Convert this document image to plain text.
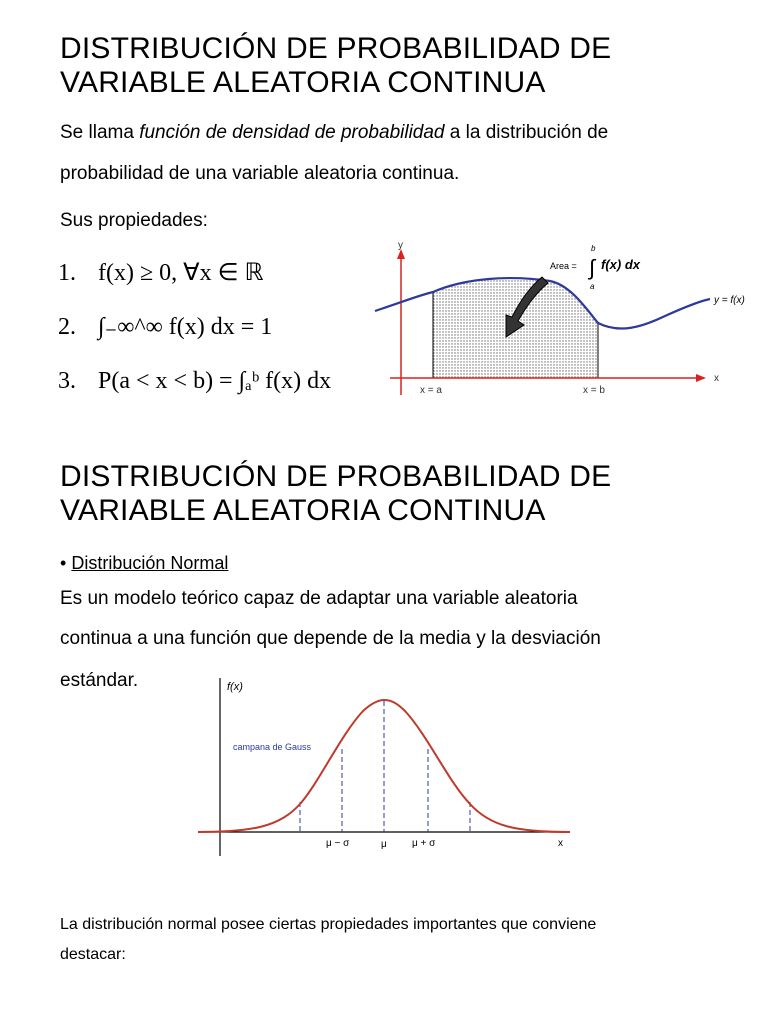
DISTRIBUCIÓN DE PROBABILIDAD DE
VARIABLE ALEATORIA CONTINUA
Se llama función de densidad de probabilidad a la distribución de
probabilidad de una variable aleatoria continua.
Sus propiedades:
1. f(x) ≥ 0, ∀x ∈ ℝ
2. ∫₋∞^∞ f(x) dx = 1
3. P(a < x < b) = ∫ₐᵇ f(x) dx
y
x
y = f(x)
Area = ∫
b
a
f(x) dx
x = a	x = b
DISTRIBUCIÓN DE PROBABILIDAD DE
VARIABLE ALEATORIA CONTINUA
• Distribución Normal
Es un modelo teórico capaz de adaptar una variable aleatoria
continua a una función que depende de la media y la desviación
estándar.	f(x)
campana de Gauss
μ − σ	μ	μ + σ	x
La distribución normal posee ciertas propiedades importantes que conviene
destacar:
